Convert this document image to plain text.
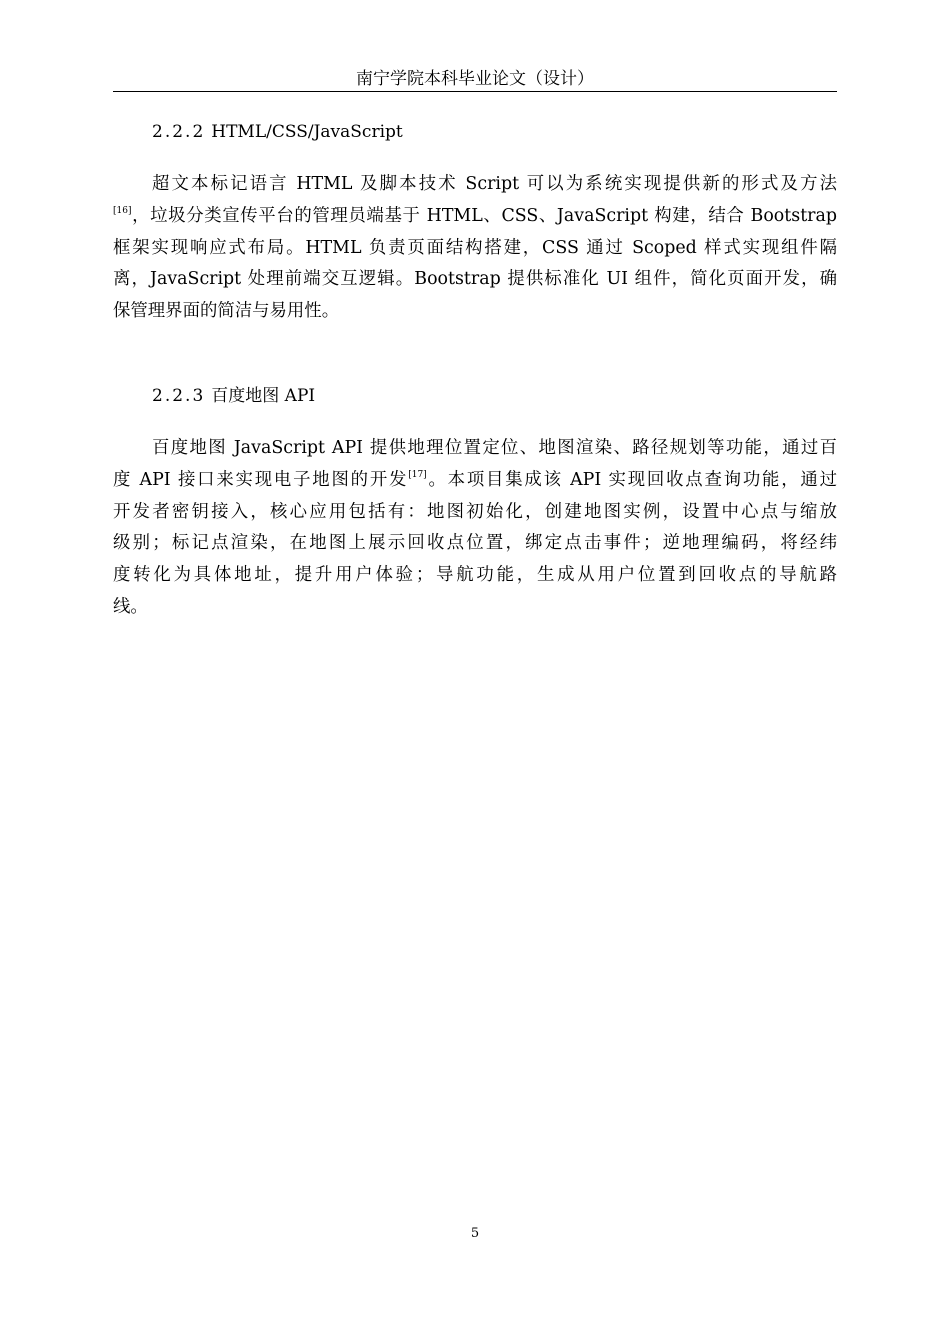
南宁学院本科毕业论文（设计）
2.2.2 HTML/CSS/JavaScript
超文本标记语言 HTML 及脚本技术 Script 可以为系统实现提供新的形式及方法
[16]，垃圾分类宣传平台的管理员端基于 HTML、CSS、JavaScript 构建，结合 Bootstrap
框架实现响应式布局。HTML 负责页面结构搭建，CSS 通过 Scoped 样式实现组件隔
离，JavaScript 处理前端交互逻辑。Bootstrap 提供标准化 UI 组件，简化页面开发，确
保管理界面的简洁与易用性。
2.2.3 百度地图 API
百度地图 JavaScript API 提供地理位置定位、地图渲染、路径规划等功能，通过百
度 API 接口来实现电子地图的开发[17]。本项目集成该 API 实现回收点查询功能，通过
开发者密钥接入，核心应用包括有：地图初始化，创建地图实例，设置中心点与缩放
级别；标记点渲染，在地图上展示回收点位置，绑定点击事件；逆地理编码，将经纬
度转化为具体地址，提升用户体验；导航功能，生成从用户位置到回收点的导航路
线。
5
